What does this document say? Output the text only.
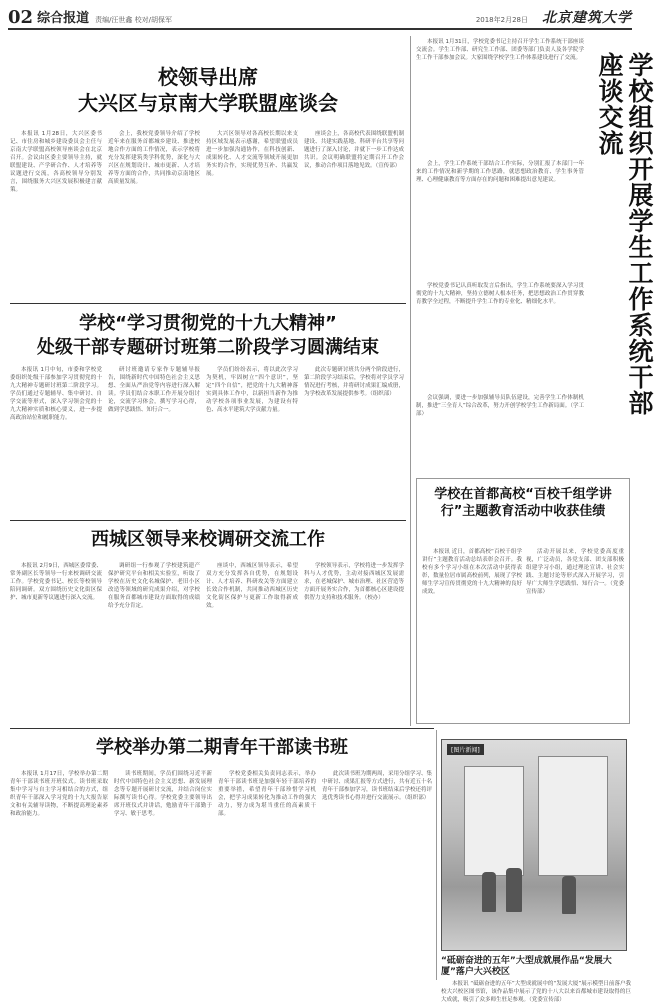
02 综合报道 责编/汪世鑫 校对/胡保军	2018年2月28日 北京建筑大学
校领导出席
大兴区与京南大学联盟座谈会

本报讯 1月28日，大兴区委书记、市住房和城乡建设委员会主任与京南大学联盟高校领导座谈会在北京召开。会议由区委主要领导主持，就联盟建设、产学研合作、人才培养等议题进行交流，各高校领导分别发言，围绕服务大兴区发展积极建言献策。

会上，我校党委领导介绍了学校近年来在服务首都城乡建设、推进校地合作方面的工作情况，表示学校将充分发挥建筑类学科优势，深化与大兴区在规划设计、城市更新、人才培养等方面的合作，共同推动京南地区高质量发展。

大兴区领导对各高校长期以来支持区域发展表示感谢，希望联盟成员进一步加强沟通协作，在科技创新、成果转化、人才交流等领域开展更加务实的合作，实现优势互补、共赢发展。

座谈会上，各高校代表围绕联盟机制建设、共建实践基地、科研平台共享等问题进行了深入讨论，并就下一步工作达成共识。会议明确联盟将定期召开工作会议，推动合作项目落地见效。（宣传部）

学校“学习贯彻党的十九大精神”
处级干部专题研讨班第二阶段学习圆满结束

本报讯 1月中旬，市委和学校党委组织处级干部参加学习贯彻党的十九大精神专题研讨班第二阶段学习。学员们通过专题辅导、集中研讨、自学交流等形式，深入学习领会党的十九大精神实质和核心要义，进一步提高政治站位和履职能力。

研讨班邀请专家作专题辅导报告，围绕新时代中国特色社会主义思想、全面从严治党等内容进行深入解读。学员们结合本职工作开展分组讨论，交流学习体会，撰写学习心得，做到学思践悟、知行合一。

学员们纷纷表示，将以此次学习为契机，牢固树立“四个意识”，坚定“四个自信”，把党的十九大精神落实到具体工作中，以新担当新作为推动学校各项事业发展，为建设有特色、高水平建筑大学贡献力量。

此次专题研讨班共分两个阶段进行，第二阶段学习结束后，学校将对学员学习情况进行考核，并将研讨成果汇编成册，为学校改革发展提供参考。（组织部）

西城区领导来校调研交流工作

本报讯 2月9日，西城区委常委、常务副区长等领导一行来校调研交流工作。学校党委书记、校长等校领导陪同调研。双方围绕历史文化街区保护、城市更新等议题进行深入交流。

调研组一行参观了学校建筑遗产保护研究平台和相关实验室，听取了学校在历史文化名城保护、老旧小区改造等领域的研究成果介绍，对学校在服务首都城市建设方面取得的成绩给予充分肯定。

座谈中，西城区领导表示，希望双方充分发挥各自优势，在规划设计、人才培养、科研攻关等方面建立长效合作机制，共同推动西城区历史文化街区保护与更新工作取得新成效。

学校领导表示，学校将进一步发挥学科与人才优势，主动对接西城区发展需求，在老城保护、城市治理、社区营造等方面开展务实合作，为首都核心区建设提供智力支持和技术服务。（校办）

学校举办第二期青年干部读书班

本报讯 1月17日，学校举办第二期青年干部读书班开班仪式。读书班采取集中学习与自主学习相结合的方式，组织青年干部深入学习党的十九大报告原文和有关辅导读物，不断提高理论素养和政治能力。

读书班期间，学员们围绕习近平新时代中国特色社会主义思想、新发展理念等专题开展研讨交流，并结合岗位实际撰写读书心得。学校党委主要领导出席开班仪式并讲话，勉励青年干部勤于学习、敏于思考。

学校党委相关负责同志表示，举办青年干部读书班是加强年轻干部培养的重要举措，希望青年干部珍惜学习机会，把学习成果转化为推动工作的强大动力，努力成为堪当重任的高素质干部。

此次读书班为期两周，采用分组学习、集中研讨、成果汇报等方式进行，共有近五十名青年干部参加学习，读书班结束后学校还将评选优秀读书心得并进行交流展示。（组织部）

本报讯 1月31日，学校党委书记主持召开学生工作系统干部座谈交流会。学生工作部、研究生工作部、团委等部门负责人及各学院学生工作干部参加会议。大家围绕学校学生工作体系建设进行了交流。

会上，学生工作系统干部结合工作实际，分别汇报了本部门一年来的工作情况和新学期的工作思路，就思想政治教育、学生事务管理、心理健康教育等方面存在的问题和困难提出意见建议。

学校党委书记认真听取发言后指出，学生工作系统要深入学习贯彻党的十九大精神，坚持立德树人根本任务，把思想政治工作贯穿教育教学全过程，不断提升学生工作的专业化、精细化水平。

会议强调，要进一步加强辅导员队伍建设，完善学生工作体制机制，推进“三全育人”综合改革，努力开创学校学生工作新局面。（学工部）	学校组织开展学生工作系统干部座谈交流
学校在首都高校“百校千组学讲行”主题教育活动中收获佳绩

本报讯 近日，首都高校“百校千组学讲行”主题教育活动总结表彰会召开。我校有多个学习小组在本次活动中获得表彰，数量位居市属高校前列，展现了学校师生学习宣传贯彻党的十九大精神的良好成效。

活动开展以来，学校党委高度重视，广泛动员，各党支部、团支部积极组建学习小组，通过理论宣讲、社会实践、主题讨论等形式深入开展学习，引导广大师生学思践悟、知行合一。（党委宣传部）

[图片新闻]
“砥砺奋进的五年”大型成就展作品“发展大厦”落户大兴校区

本报讯 “砥砺奋进的五年”大型成就展中的“发展大厦”展示模型日前落户我校大兴校区图书馆，该作品集中展示了党的十八大以来首都城市建设取得的巨大成就，吸引了众多师生驻足参观。（党委宣传部）
